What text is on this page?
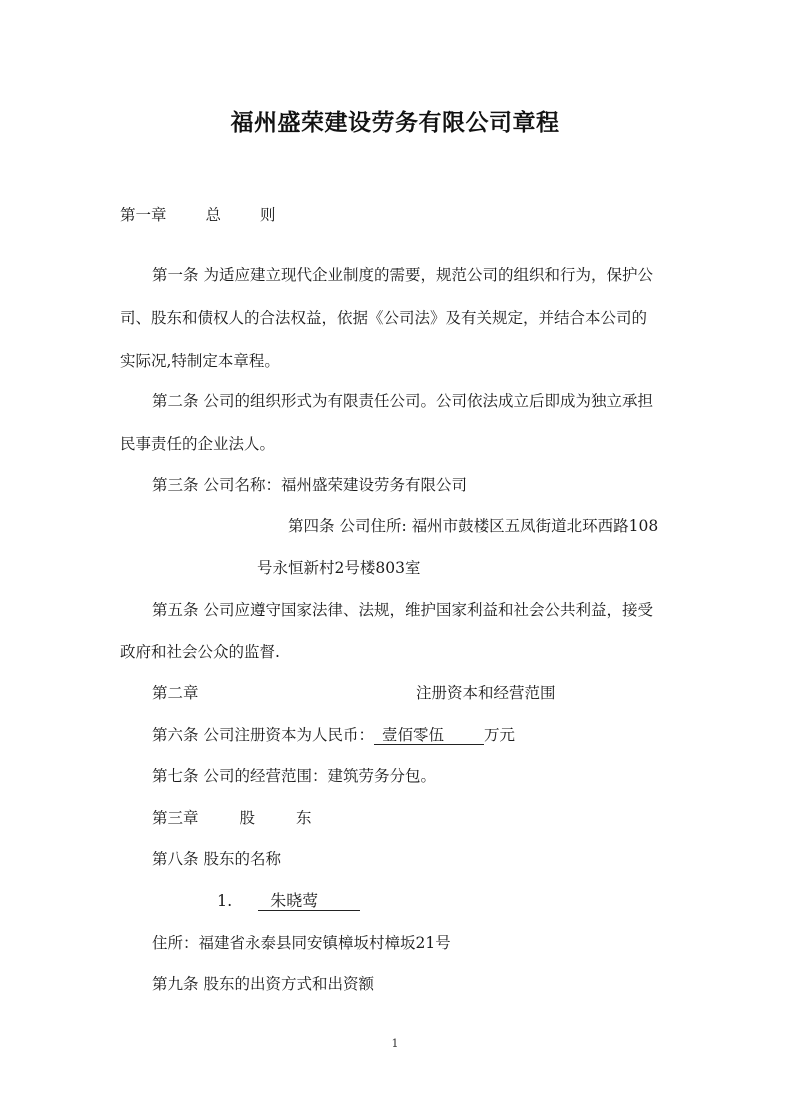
福州盛荣建设劳务有限公司章程
第一章	总	则
第一条 为适应建立现代企业制度的需要，规范公司的组织和行为，保护公
司、股东和债权人的合法权益，依据《公司法》及有关规定，并结合本公司的
实际况,特制定本章程。
第二条 公司的组织形式为有限责任公司。公司依法成立后即成为独立承担
民事责任的企业法人。
第三条 公司名称：福州盛荣建设劳务有限公司
第四条 公司住所: 福州市鼓楼区五凤街道北环西路108
号永恒新村2号楼803室
第五条 公司应遵守国家法律、法规，维护国家利益和社会公共利益，接受
政府和社会公众的监督.
第二章	注册资本和经营范围
第六条 公司注册资本为人民币： 壹佰零伍	万元
第七条 公司的经营范围：建筑劳务分包。
第三章	股	东
第八条 股东的名称
1. 朱晓莺
住所：福建省永泰县同安镇樟坂村樟坂21号
第九条 股东的出资方式和出资额
1
